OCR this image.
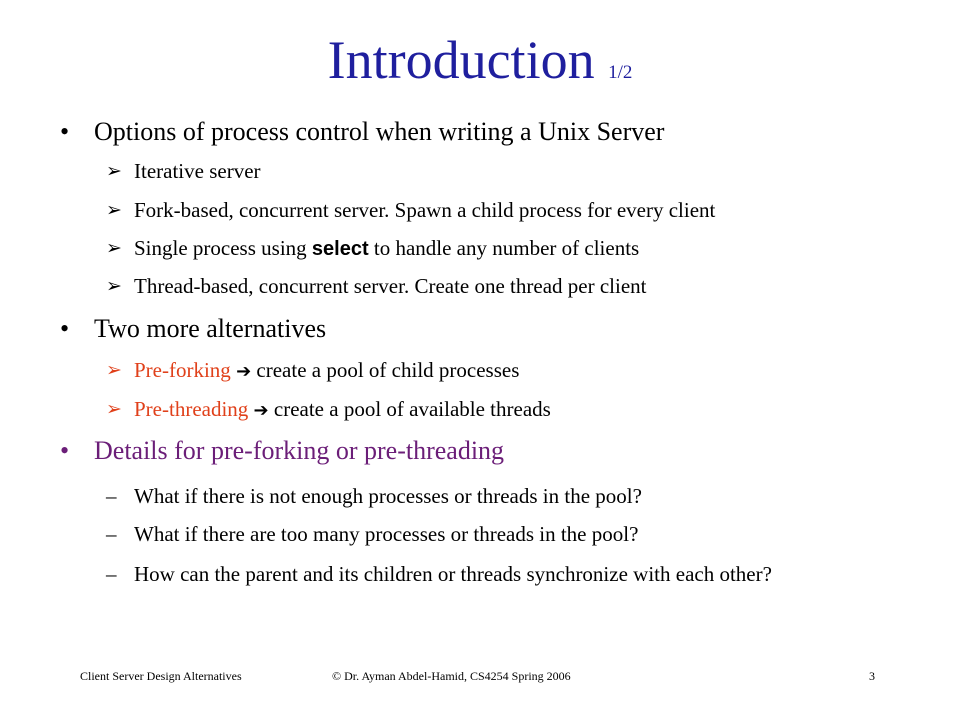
Introduction 1/2
• Options of process control when writing a Unix Server
➢ Iterative server
➢ Fork-based, concurrent server. Spawn a child process for every client
➢ Single process using select to handle any number of clients
➢ Thread-based, concurrent server. Create one thread per client
• Two more alternatives
➢ Pre-forking ➔ create a pool of child processes
➢ Pre-threading ➔ create a pool of available threads
• Details for pre-forking or pre-threading
– What if there is not enough processes or threads in the pool?
– What if there are too many processes or threads in the pool?
– How can the parent and its children or threads synchronize with each other?
Client Server Design Alternatives	© Dr. Ayman Abdel-Hamid, CS4254 Spring 2006	3
